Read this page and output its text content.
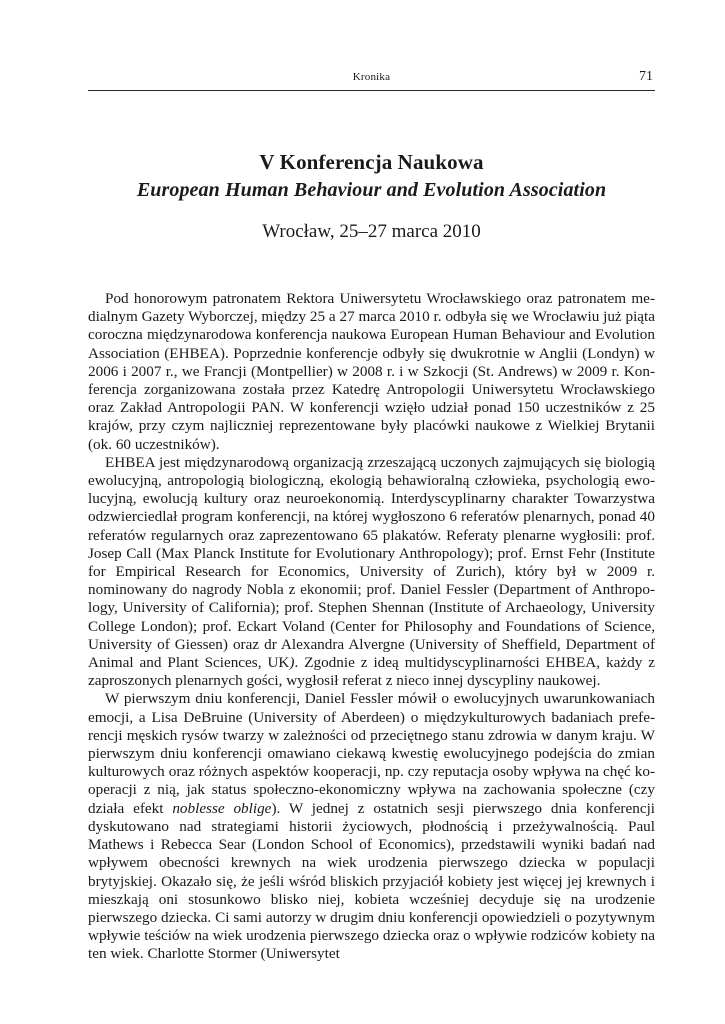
Kronika	71
V Konferencja Naukowa
European Human Behaviour and Evolution Association
Wrocław, 25–27 marca 2010

Pod honorowym patronatem Rektora Uniwersytetu Wrocławskiego oraz patronatem medialnym Gazety Wyborczej, między 25 a 27 marca 2010 r. odbyła się we Wrocławiu już piąta coroczna międzynarodowa konferencja naukowa European Human Behaviour and Evolution Association (EHBEA). Poprzednie konferencje odbyły się dwukrotnie w Anglii (Londyn) w 2006 i 2007 r., we Francji (Montpellier) w 2008 r. i w Szkocji (St. Andrews) w 2009 r. Konferencja zorganizowana została przez Katedrę Antropologii Uniwersytetu Wrocławskiego oraz Zakład Antropologii PAN. W konferencji wzięło udział ponad 150 uczestników z 25 krajów, przy czym najliczniej reprezentowane były placówki naukowe z Wielkiej Brytanii (ok. 60 uczestników).

EHBEA jest międzynarodową organizacją zrzeszającą uczonych zajmujących się biologią ewolucyjną, antropologią biologiczną, ekologią behawioralną człowieka, psychologią ewolucyjną, ewolucją kultury oraz neuroekonomią. Interdyscyplinarny charakter Towarzystwa odzwierciedlał program konferencji, na której wygłoszono 6 referatów plenarnych, ponad 40 referatów regularnych oraz zaprezentowano 65 plakatów. Referaty plenarne wygłosili: prof. Josep Call (Max Planck Institute for Evolutionary Anthropology); prof. Ernst Fehr (Institute for Empirical Research for Economics, University of Zurich), który był w 2009 r. nominowany do nagrody Nobla z ekonomii; prof. Daniel Fessler (Department of Anthropology, University of California); prof. Stephen Shennan (Institute of Archaeology, University College London); prof. Eckart Voland (Center for Philosophy and Foundations of Science, University of Giessen) oraz dr Alexandra Alvergne (University of Sheffield, Department of Animal and Plant Sciences, UK). Zgodnie z ideą multidyscyplinarności EHBEA, każdy z zaproszonych plenarnych gości, wygłosił referat z nieco innej dyscypliny naukowej.

W pierwszym dniu konferencji, Daniel Fessler mówił o ewolucyjnych uwarunkowaniach emocji, a Lisa DeBruine (University of Aberdeen) o międzykulturowych badaniach preferencji męskich rysów twarzy w zależności od przeciętnego stanu zdrowia w danym kraju. W pierwszym dniu konferencji omawiano ciekawą kwestię ewolucyjnego podejścia do zmian kulturowych oraz różnych aspektów kooperacji, np. czy reputacja osoby wpływa na chęć kooperacji z nią, jak status społeczno-ekonomiczny wpływa na zachowania społeczne (czy działa efekt noblesse oblige). W jednej z ostatnich sesji pierwszego dnia konferencji dyskutowano nad strategiami historii życiowych, płodnością i przeżywalnością. Paul Mathews i Rebecca Sear (London School of Economics), przedstawili wyniki badań nad wpływem obecności krewnych na wiek urodzenia pierwszego dziecka w populacji brytyjskiej. Okazało się, że jeśli wśród bliskich przyjaciół kobiety jest więcej jej krewnych i mieszkają oni stosunkowo blisko niej, kobieta wcześniej decyduje się na urodzenie pierwszego dziecka. Ci sami autorzy w drugim dniu konferencji opowiedzieli o pozytywnym wpływie teściów na wiek urodzenia pierwszego dziecka oraz o wpływie rodziców kobiety na ten wiek. Charlotte Stormer (Uniwersytet
